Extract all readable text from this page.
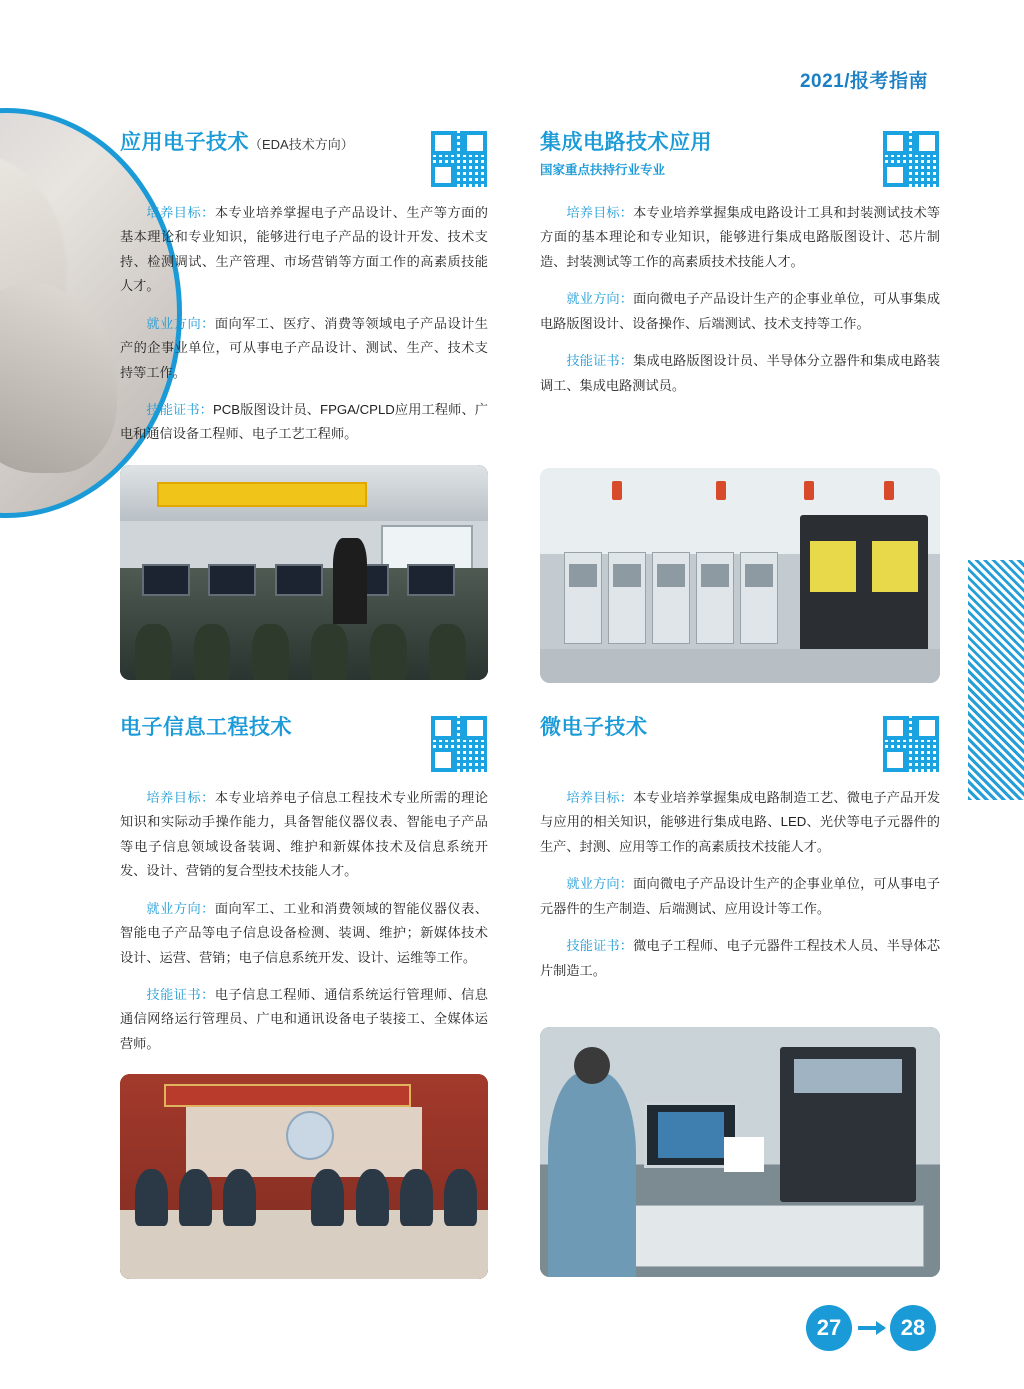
2021/报考指南
应用电子技术（EDA技术方向）

培养目标：本专业培养掌握电子产品设计、生产等方面的基本理论和专业知识，能够进行电子产品的设计开发、技术支持、检测调试、生产管理、市场营销等方面工作的高素质技能人才。

就业方向：面向军工、医疗、消费等领域电子产品设计生产的企事业单位，可从事电子产品设计、测试、生产、技术支持等工作。

技能证书：PCB版图设计员、FPGA/CPLD应用工程师、广电和通信设备工程师、电子工艺工程师。

电子信息工程技术

培养目标：本专业培养电子信息工程技术专业所需的理论知识和实际动手操作能力，具备智能仪器仪表、智能电子产品等电子信息领域设备装调、维护和新媒体技术及信息系统开发、设计、营销的复合型技术技能人才。

就业方向：面向军工、工业和消费领域的智能仪器仪表、智能电子产品等电子信息设备检测、装调、维护；新媒体技术设计、运营、营销；电子信息系统开发、设计、运维等工作。

技能证书：电子信息工程师、通信系统运行管理师、信息通信网络运行管理员、广电和通讯设备电子装接工、全媒体运营师。

集成电路技术应用
国家重点扶持行业专业

培养目标：本专业培养掌握集成电路设计工具和封装测试技术等方面的基本理论和专业知识，能够进行集成电路版图设计、芯片制造、封装测试等工作的高素质技术技能人才。

就业方向：面向微电子产品设计生产的企事业单位，可从事集成电路版图设计、设备操作、后端测试、技术支持等工作。

技能证书：集成电路版图设计员、半导体分立器件和集成电路装调工、集成电路测试员。

微电子技术

培养目标：本专业培养掌握集成电路制造工艺、微电子产品开发与应用的相关知识，能够进行集成电路、LED、光伏等电子元器件的生产、封测、应用等工作的高素质技术技能人才。

就业方向：面向微电子产品设计生产的企事业单位，可从事电子元器件的生产制造、后端测试、应用设计等工作。

技能证书：微电子工程师、电子元器件工程技术人员、半导体芯片制造工。

27	28
